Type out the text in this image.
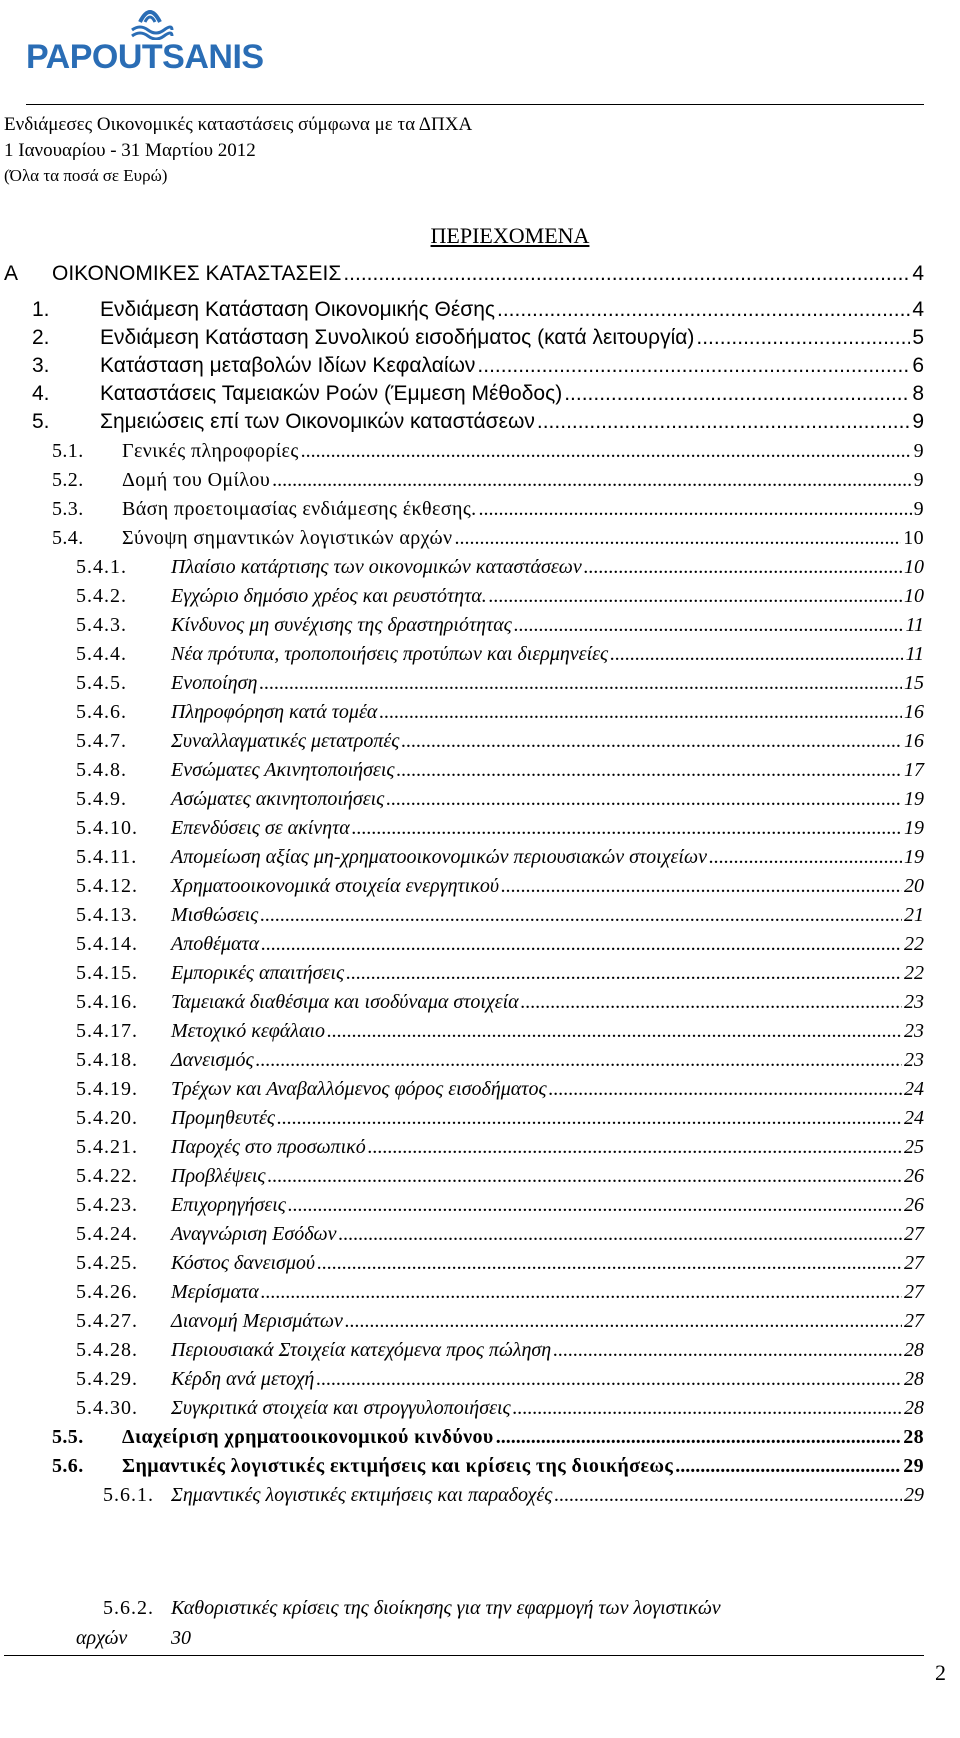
PAPOUTSANIS
Ενδιάμεσες Οικονομικές καταστάσεις σύμφωνα με τα ΔΠΧΑ
1 Ιανουαρίου - 31 Μαρτίου 2012
(Όλα τα ποσά σε Ευρώ)
ΠΕΡΙΕΧΟΜΕΝΑ
A	ΟΙΚΟΝΟΜΙΚΕΣ ΚΑΤΑΣΤΑΣΕΙΣ .....	4
1.	Ενδιάμεση Κατάσταση Οικονομικής Θέσης .....	4
2.	Ενδιάμεση Κατάσταση Συνολικού εισοδήματος (κατά λειτουργία) .....	5
3.	Κατάσταση μεταβολών Ιδίων Κεφαλαίων .....	6
4.	Καταστάσεις Ταμειακών Ροών (Έμμεση Μέθοδος) .....	8
5.	Σημειώσεις επί των Οικονομικών καταστάσεων .....	9
5.1.	Γενικές πληροφορίες .....	9
5.2.	Δομή του Ομίλου .....	9
5.3.	Βάση προετοιμασίας ενδιάμεσης έκθεσης. .....	9
5.4.	Σύνοψη σημαντικών λογιστικών αρχών .....	10
5.4.1.	Πλαίσιο κατάρτισης των οικονομικών καταστάσεων .....	10
5.4.2.	Εγχώριο δημόσιο χρέος και ρευστότητα. .....	10
5.4.3.	Κίνδυνος μη συνέχισης της δραστηριότητας .....	11
5.4.4.	Νέα πρότυπα, τροποποιήσεις προτύπων και διερμηνείες .....	11
5.4.5.	Ενοποίηση .....	15
5.4.6.	Πληροφόρηση κατά τομέα .....	16
5.4.7.	Συναλλαγματικές μετατροπές .....	16
5.4.8.	Ενσώματες Ακινητοποιήσεις .....	17
5.4.9.	Ασώματες ακινητοποιήσεις .....	19
5.4.10.	Επενδύσεις σε ακίνητα .....	19
5.4.11.	Απομείωση αξίας μη-χρηματοοικονομικών περιουσιακών στοιχείων .....	19
5.4.12.	Χρηματοοικονομικά στοιχεία ενεργητικού .....	20
5.4.13.	Μισθώσεις .....	21
5.4.14.	Αποθέματα .....	22
5.4.15.	Εμπορικές απαιτήσεις .....	22
5.4.16.	Ταμειακά διαθέσιμα και ισοδύναμα στοιχεία .....	23
5.4.17.	Μετοχικό κεφάλαιο .....	23
5.4.18.	Δανεισμός .....	23
5.4.19.	Τρέχων και Αναβαλλόμενος φόρος εισοδήματος .....	24
5.4.20.	Προμηθευτές .....	24
5.4.21.	Παροχές στο προσωπικό .....	25
5.4.22.	Προβλέψεις .....	26
5.4.23.	Επιχορηγήσεις .....	26
5.4.24.	Αναγνώριση Εσόδων .....	27
5.4.25.	Κόστος δανεισμού .....	27
5.4.26.	Μερίσματα .....	27
5.4.27.	Διανομή Μερισμάτων .....	27
5.4.28.	Περιουσιακά Στοιχεία κατεχόμενα προς πώληση .....	28
5.4.29.	Κέρδη ανά μετοχή .....	28
5.4.30.	Συγκριτικά στοιχεία και στρογγυλοποιήσεις .....	28
5.5.	Διαχείριση χρηματοοικονομικού κινδύνου .....	28
5.6.	Σημαντικές λογιστικές εκτιμήσεις και κρίσεις της διοικήσεως .....	29
5.6.1. Σημαντικές λογιστικές εκτιμήσεις και παραδοχές .....	29
5.6.2. Καθοριστικές κρίσεις της διοίκησης για την εφαρμογή των λογιστικών
αρχών 30
2
